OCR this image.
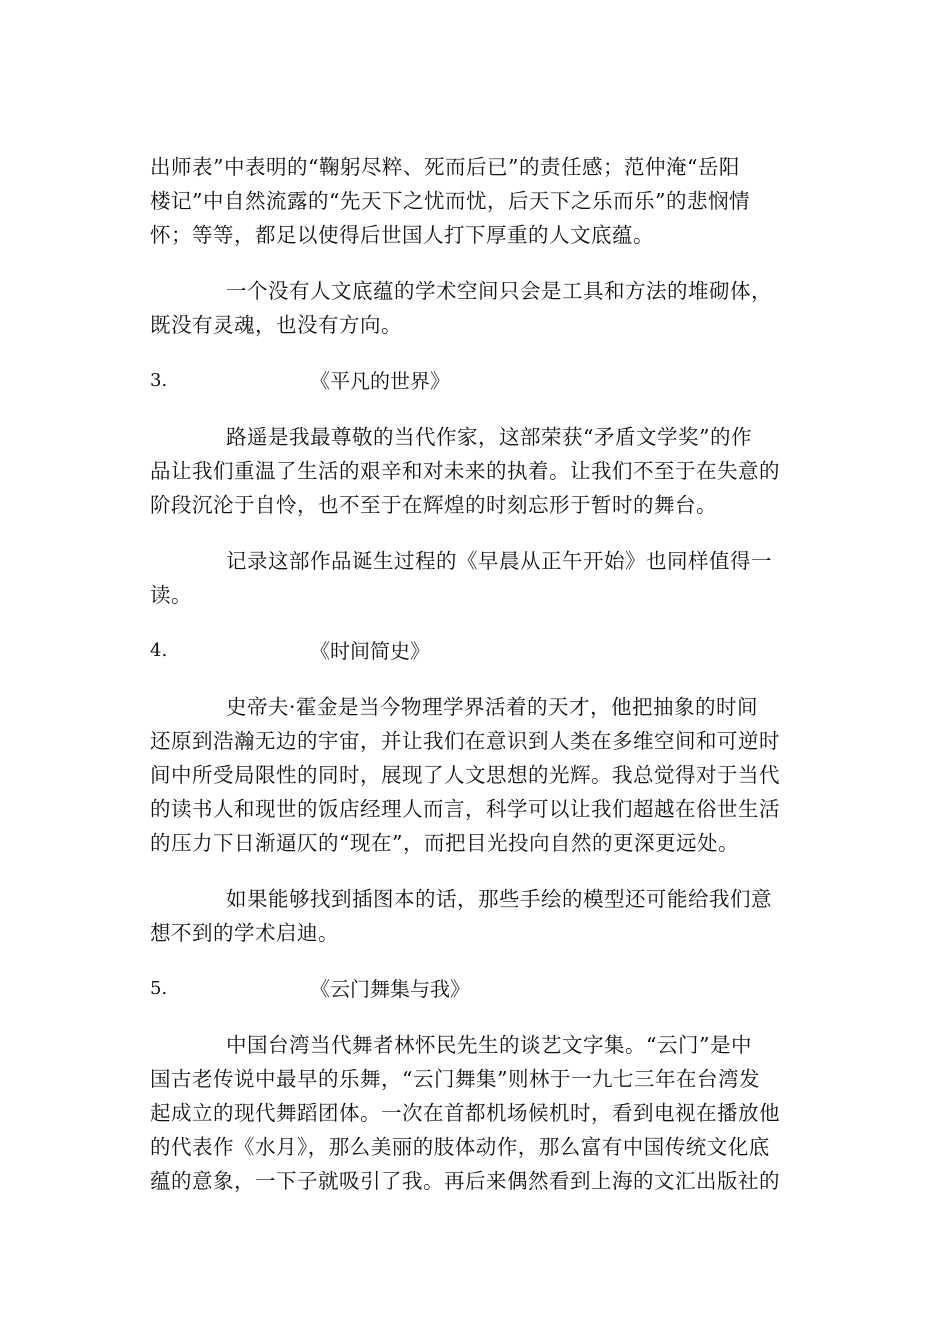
出师表”中表明的“鞠躬尽粹、死而后已”的责任感；范仲淹“岳阳
楼记”中自然流露的“先天下之忧而忧，后天下之乐而乐”的悲悯情
怀；等等，都足以使得后世国人打下厚重的人文底蕴。
一个没有人文底蕴的学术空间只会是工具和方法的堆砌体，
既没有灵魂，也没有方向。
3.	《平凡的世界》
路遥是我最尊敬的当代作家，这部荣获“矛盾文学奖”的作
品让我们重温了生活的艰辛和对未来的执着。让我们不至于在失意的
阶段沉沦于自怜，也不至于在辉煌的时刻忘形于暂时的舞台。
记录这部作品诞生过程的《早晨从正午开始》也同样值得一
读。
4.	《时间简史》
史帝夫·霍金是当今物理学界活着的天才，他把抽象的时间
还原到浩瀚无边的宇宙，并让我们在意识到人类在多维空间和可逆时
间中所受局限性的同时，展现了人文思想的光辉。我总觉得对于当代
的读书人和现世的饭店经理人而言，科学可以让我们超越在俗世生活
的压力下日渐逼仄的“现在”，而把目光投向自然的更深更远处。
如果能够找到插图本的话，那些手绘的模型还可能给我们意
想不到的学术启迪。
5.	《云门舞集与我》
中国台湾当代舞者林怀民先生的谈艺文字集。“云门”是中
国古老传说中最早的乐舞，“云门舞集”则林于一九七三年在台湾发
起成立的现代舞蹈团体。一次在首都机场候机时，看到电视在播放他
的代表作《水月》，那么美丽的肢体动作，那么富有中国传统文化底
蕴的意象，一下子就吸引了我。再后来偶然看到上海的文汇出版社的
